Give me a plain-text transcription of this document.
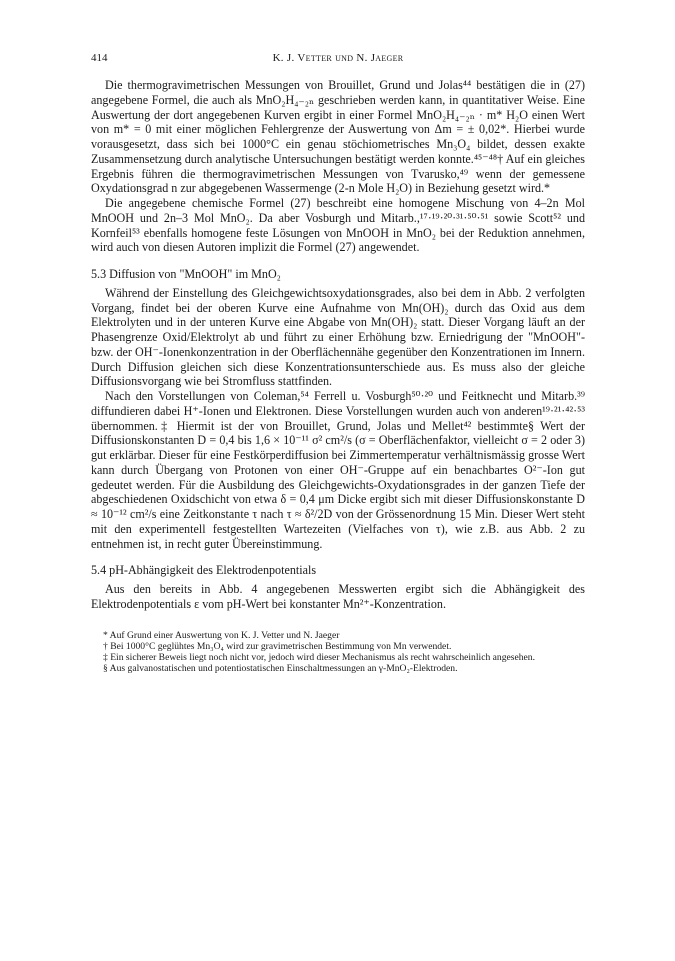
414	K. J. Vetter und N. Jaeger

Die thermogravimetrischen Messungen von Brouillet, Grund und Jolas⁴⁴ bestätigen die in (27) angegebene Formel, die auch als MnO₂H₄₋₂ₙ geschrieben werden kann, in quantitativer Weise. Eine Auswertung der dort angegebenen Kurven ergibt in einer Formel MnO₂H₄₋₂ₙ · m* H₂O einen Wert von m* = 0 mit einer möglichen Fehlergrenze der Auswertung von Δm = ± 0,02*. Hierbei wurde vorausgesetzt, dass sich bei 1000°C ein genau stöchiometrisches Mn₃O₄ bildet, dessen exakte Zusammensetzung durch analytische Untersuchungen bestätigt werden konnte.⁴⁵⁻⁴⁸† Auf ein gleiches Ergebnis führen die thermogravimetrischen Messungen von Tvarusko,⁴⁹ wenn der gemessene Oxydationsgrad n zur abgegebenen Wassermenge (2-n Mole H₂O) in Beziehung gesetzt wird.*

Die angegebene chemische Formel (27) beschreibt eine homogene Mischung von 4–2n Mol MnOOH und 2n–3 Mol MnO₂. Da aber Vosburgh und Mitarb.,¹⁷·¹⁹·²⁰·³¹·⁵⁰·⁵¹ sowie Scott⁵² und Kornfeil⁵³ ebenfalls homogene feste Lösungen von MnOOH in MnO₂ bei der Reduktion annehmen, wird auch von diesen Autoren implizit die Formel (27) angewendet.

5.3 Diffusion von "MnOOH" im MnO₂

Während der Einstellung des Gleichgewichtsoxydationsgrades, also bei dem in Abb. 2 verfolgten Vorgang, findet bei der oberen Kurve eine Aufnahme von Mn(OH)₂ durch das Oxid aus dem Elektrolyten und in der unteren Kurve eine Abgabe von Mn(OH)₂ statt. Dieser Vorgang läuft an der Phasengrenze Oxid/Elektrolyt ab und führt zu einer Erhöhung bzw. Erniedrigung der "MnOOH"- bzw. der OH⁻-Ionenkonzentration in der Oberflächennähe gegenüber den Konzentrationen im Innern. Durch Diffusion gleichen sich diese Konzentrationsunterschiede aus. Es muss also der gleiche Diffusionsvorgang wie bei Stromfluss stattfinden.

Nach den Vorstellungen von Coleman,⁵⁴ Ferrell u. Vosburgh⁵⁰·²⁰ und Feitknecht und Mitarb.³⁹ diffundieren dabei H⁺-Ionen und Elektronen. Diese Vorstellungen wurden auch von anderen¹⁹·²¹·⁴²·⁵³ übernommen.‡ Hiermit ist der von Brouillet, Grund, Jolas und Mellet⁴² bestimmte§ Wert der Diffusionskonstanten D = 0,4 bis 1,6 × 10⁻¹¹ σ² cm²/s (σ = Oberflächenfaktor, vielleicht σ = 2 oder 3) gut erklärbar. Dieser für eine Festkörperdiffusion bei Zimmertemperatur verhältnismässig grosse Wert kann durch Übergang von Protonen von einer OH⁻-Gruppe auf ein benachbartes O²⁻-Ion gut gedeutet werden. Für die Ausbildung des Gleichgewichts-Oxydationsgrades in der ganzen Tiefe der abgeschiedenen Oxidschicht von etwa δ = 0,4 μm Dicke ergibt sich mit dieser Diffusionskonstante D ≈ 10⁻¹² cm²/s eine Zeitkonstante τ nach τ ≈ δ²/2D von der Grössenordnung 15 Min. Dieser Wert steht mit den experimentell festgestellten Wartezeiten (Vielfaches von τ), wie z.B. aus Abb. 2 zu entnehmen ist, in recht guter Übereinstimmung.

5.4 pH-Abhängigkeit des Elektrodenpotentials

Aus den bereits in Abb. 4 angegebenen Messwerten ergibt sich die Abhängigkeit des Elektrodenpotentials ε vom pH-Wert bei konstanter Mn²⁺-Konzentration.

* Auf Grund einer Auswertung von K. J. Vetter und N. Jaeger

† Bei 1000°C geglühtes Mn₃O₄ wird zur gravimetrischen Bestimmung von Mn verwendet.

‡ Ein sicherer Beweis liegt noch nicht vor, jedoch wird dieser Mechanismus als recht wahrscheinlich angesehen.

§ Aus galvanostatischen und potentiostatischen Einschaltmessungen an γ-MnO₂-Elektroden.
